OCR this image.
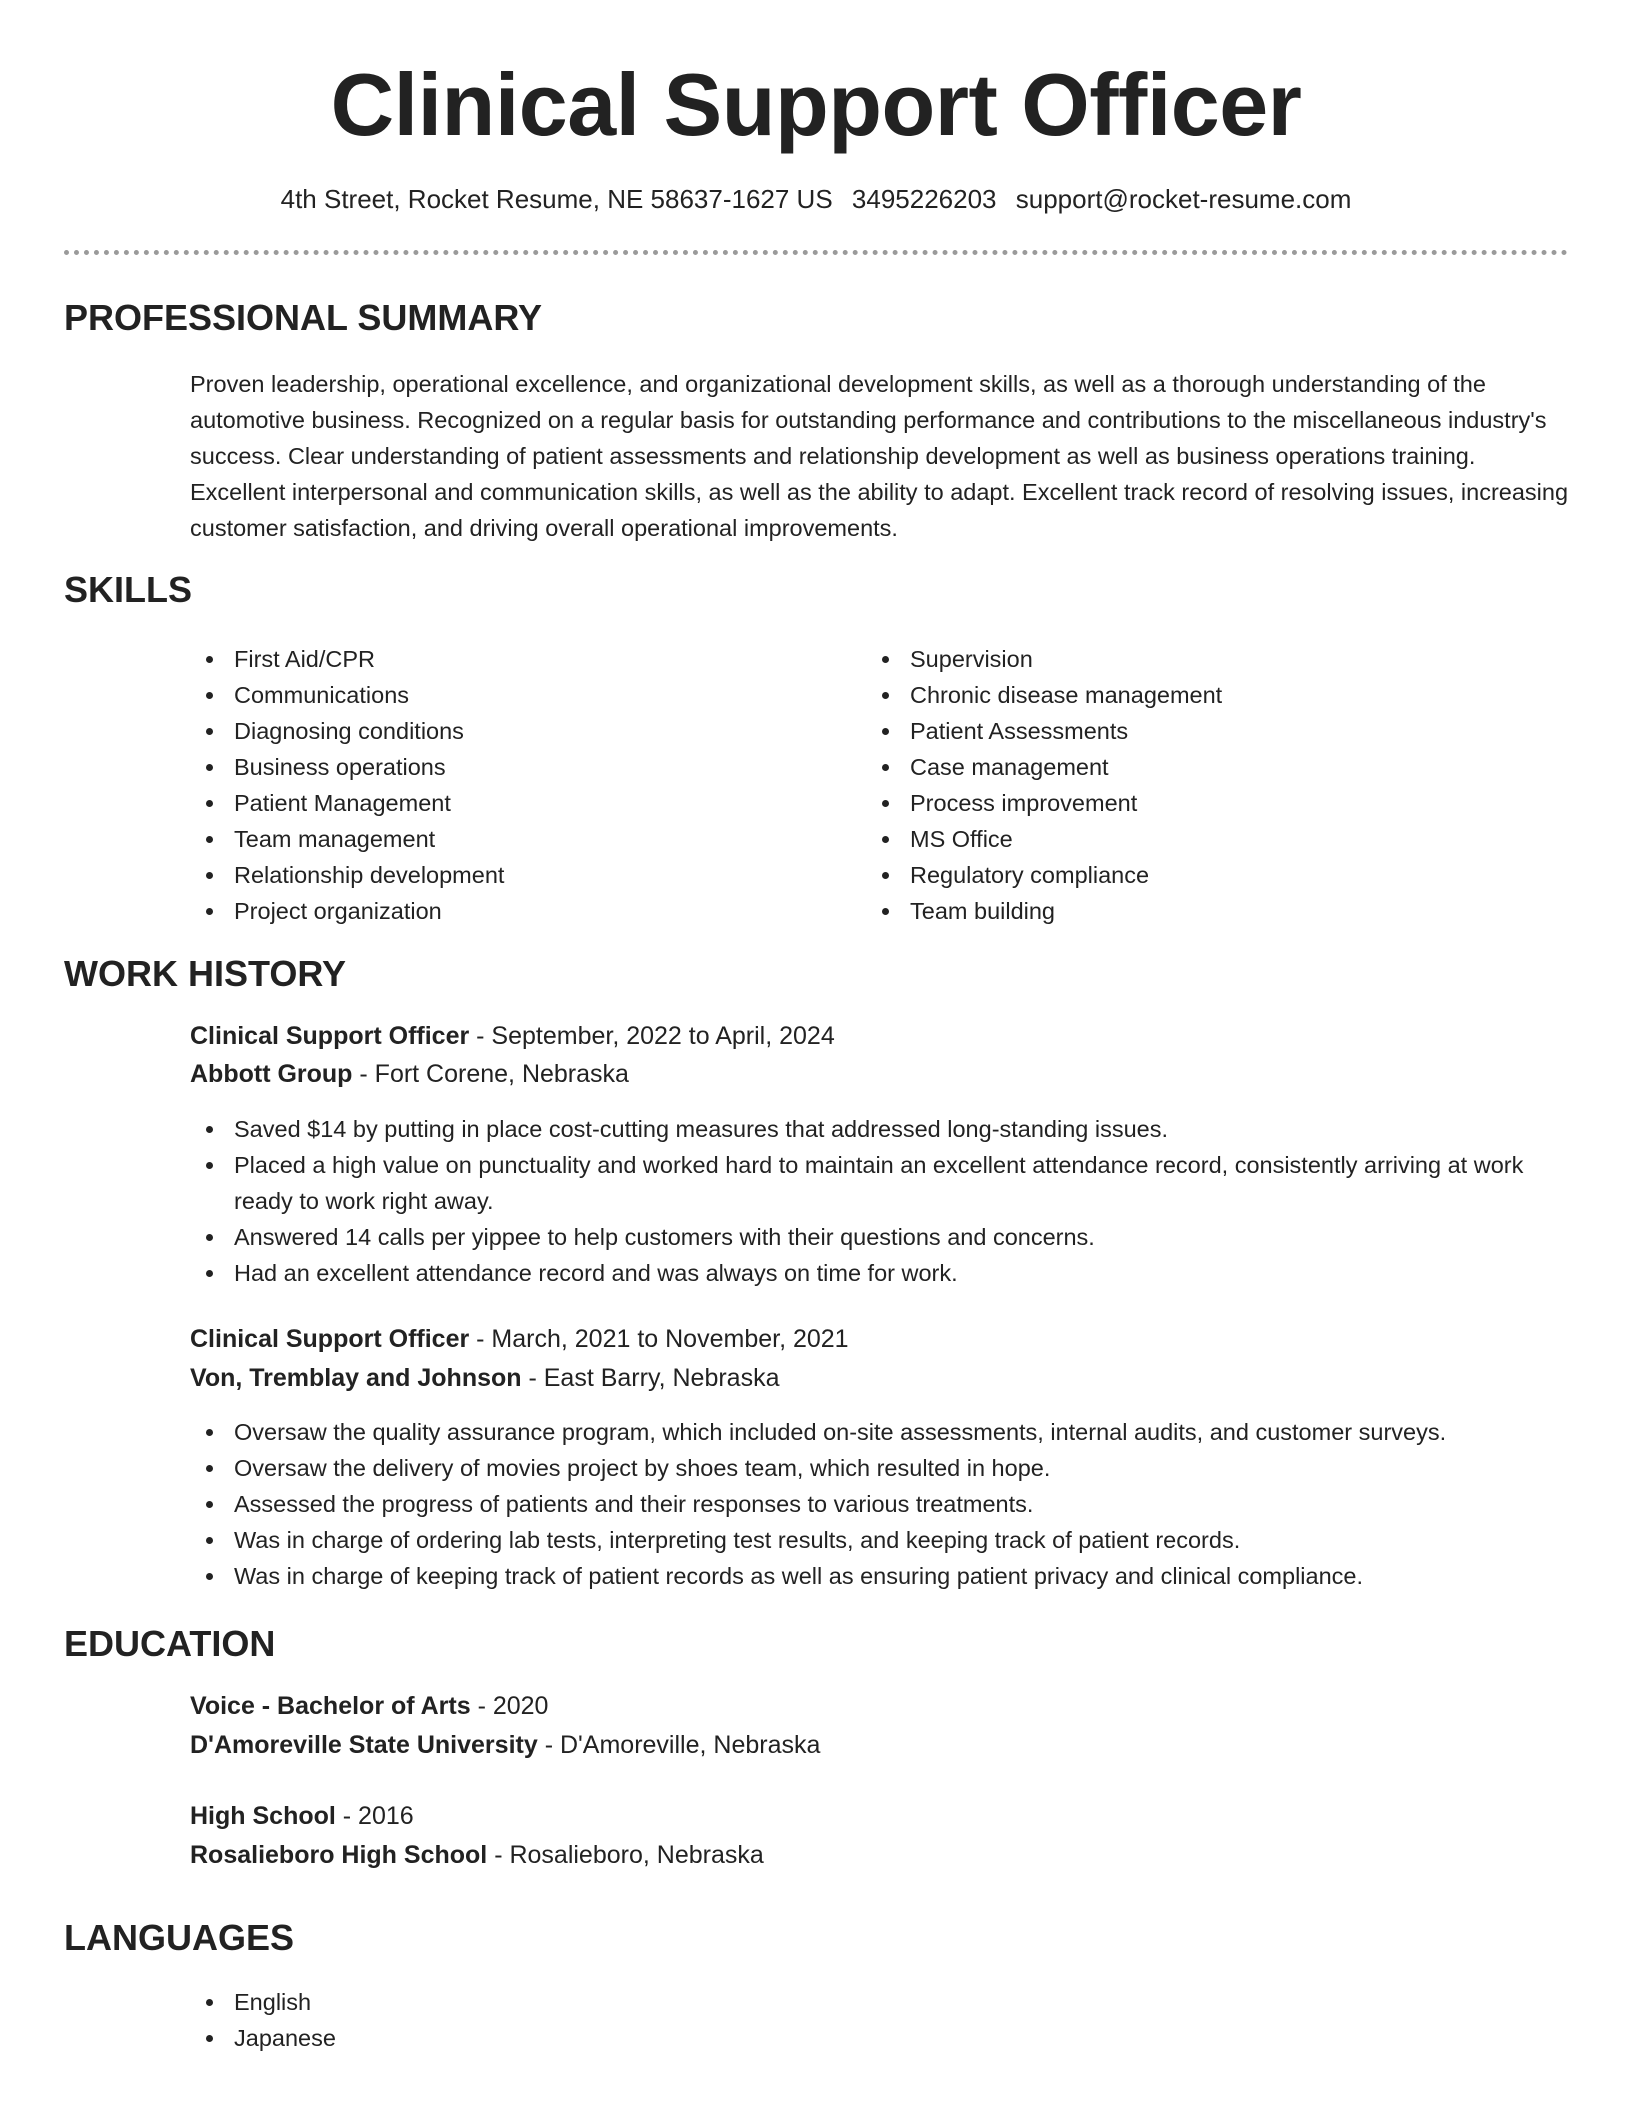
Clinical Support Officer
4th Street, Rocket Resume, NE 58637-1627 US 3495226203 support@rocket-resume.com
PROFESSIONAL SUMMARY

Proven leadership, operational excellence, and organizational development skills, as well as a thorough understanding of the automotive business. Recognized on a regular basis for outstanding performance and contributions to the miscellaneous industry's success. Clear understanding of patient assessments and relationship development as well as business operations training. Excellent interpersonal and communication skills, as well as the ability to adapt. Excellent track record of resolving issues, increasing customer satisfaction, and driving overall operational improvements.

SKILLS
First Aid/CPR
Communications
Diagnosing conditions
Business operations
Patient Management
Team management
Relationship development
Project organization
Supervision
Chronic disease management
Patient Assessments
Case management
Process improvement
MS Office
Regulatory compliance
Team building
WORK HISTORY

Clinical Support Officer - September, 2022 to April, 2024

Abbott Group - Fort Corene, Nebraska

Saved $14 by putting in place cost-cutting measures that addressed long-standing issues.
Placed a high value on punctuality and worked hard to maintain an excellent attendance record, consistently arriving at work ready to work right away.
Answered 14 calls per yippee to help customers with their questions and concerns.
Had an excellent attendance record and was always on time for work.

Clinical Support Officer - March, 2021 to November, 2021

Von, Tremblay and Johnson - East Barry, Nebraska

Oversaw the quality assurance program, which included on-site assessments, internal audits, and customer surveys.
Oversaw the delivery of movies project by shoes team, which resulted in hope.
Assessed the progress of patients and their responses to various treatments.
Was in charge of ordering lab tests, interpreting test results, and keeping track of patient records.
Was in charge of keeping track of patient records as well as ensuring patient privacy and clinical compliance.
EDUCATION

Voice - Bachelor of Arts - 2020

D'Amoreville State University - D'Amoreville, Nebraska

High School - 2016

Rosalieboro High School - Rosalieboro, Nebraska

LANGUAGES
English
Japanese
